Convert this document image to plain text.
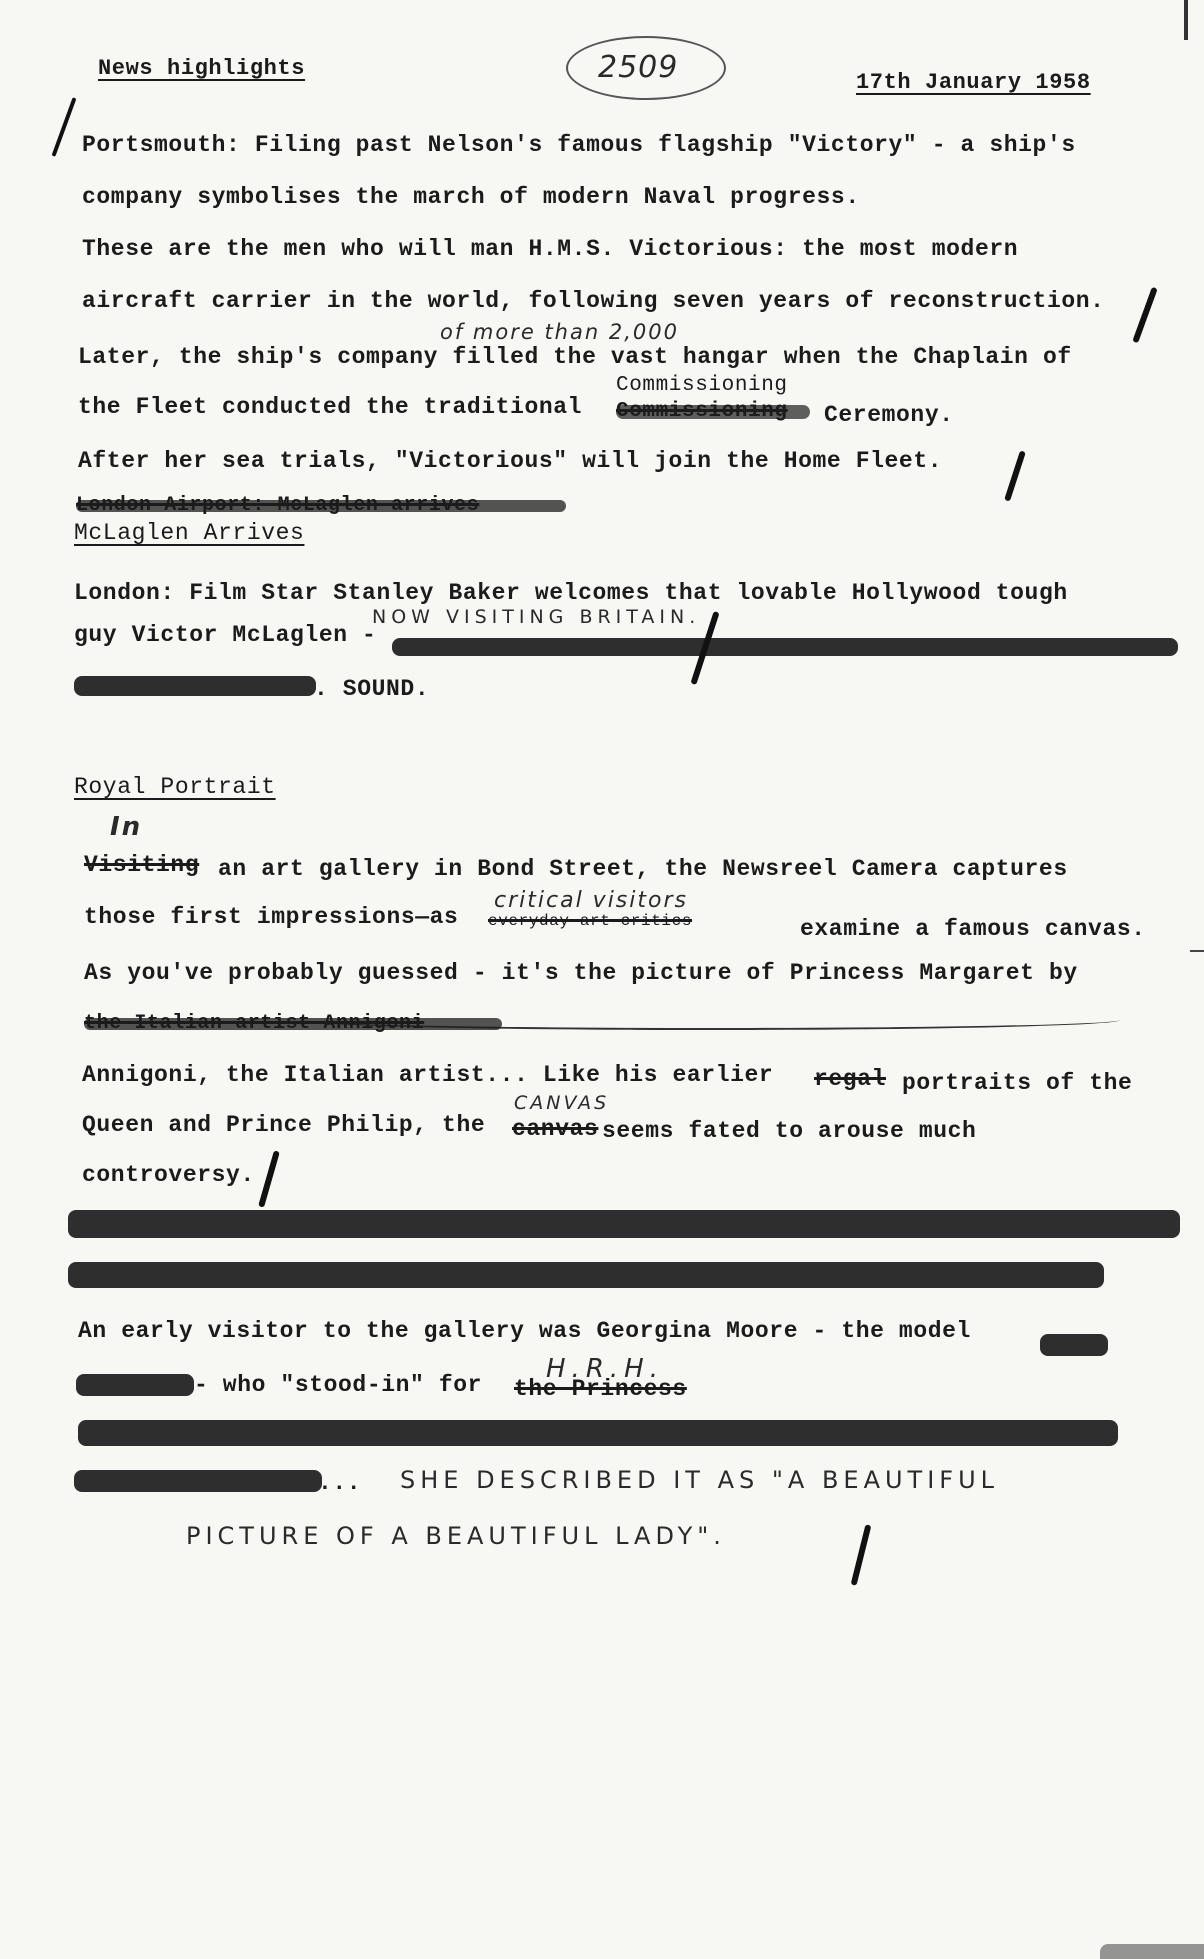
News highlights	2509	17th January 1958
Portsmouth: Filing past Nelson's famous flagship "Victory" - a ship's
company symbolises the march of modern Naval progress.
These are the men who will man H.M.S. Victorious: the most modern
aircraft carrier in the world, following seven years of reconstruction.
of more than 2,000
Later, the ship's company filled the vast hangar when the Chaplain of
Commissioning
the Fleet conducted the traditional	Ceremony.
After her sea trials, "Victorious" will join the Home Fleet.
McLaglen Arrives
London: Film Star Stanley Baker welcomes that lovable Hollywood tough
NOW VISITING BRITAIN.
guy Victor McLaglen -
. SOUND.
Royal Portrait
In
Visiting an art gallery in Bond Street, the Newsreel Camera captures
critical visitors
those first impressions—as everyday art critics	examine a famous canvas.
As you've probably guessed - it's the picture of Princess Margaret by
Annigoni, the Italian artist... Like his earlier regal portraits of the
CANVAS
Queen and Prince Philip, the canvas seems fated to arouse much
controversy.
An early visitor to the gallery was Georgina Moore - the model
H.R.H.
- who "stood-in" for the Princess
... SHE DESCRIBED IT AS "A BEAUTIFUL
PICTURE OF A BEAUTIFUL LADY".
